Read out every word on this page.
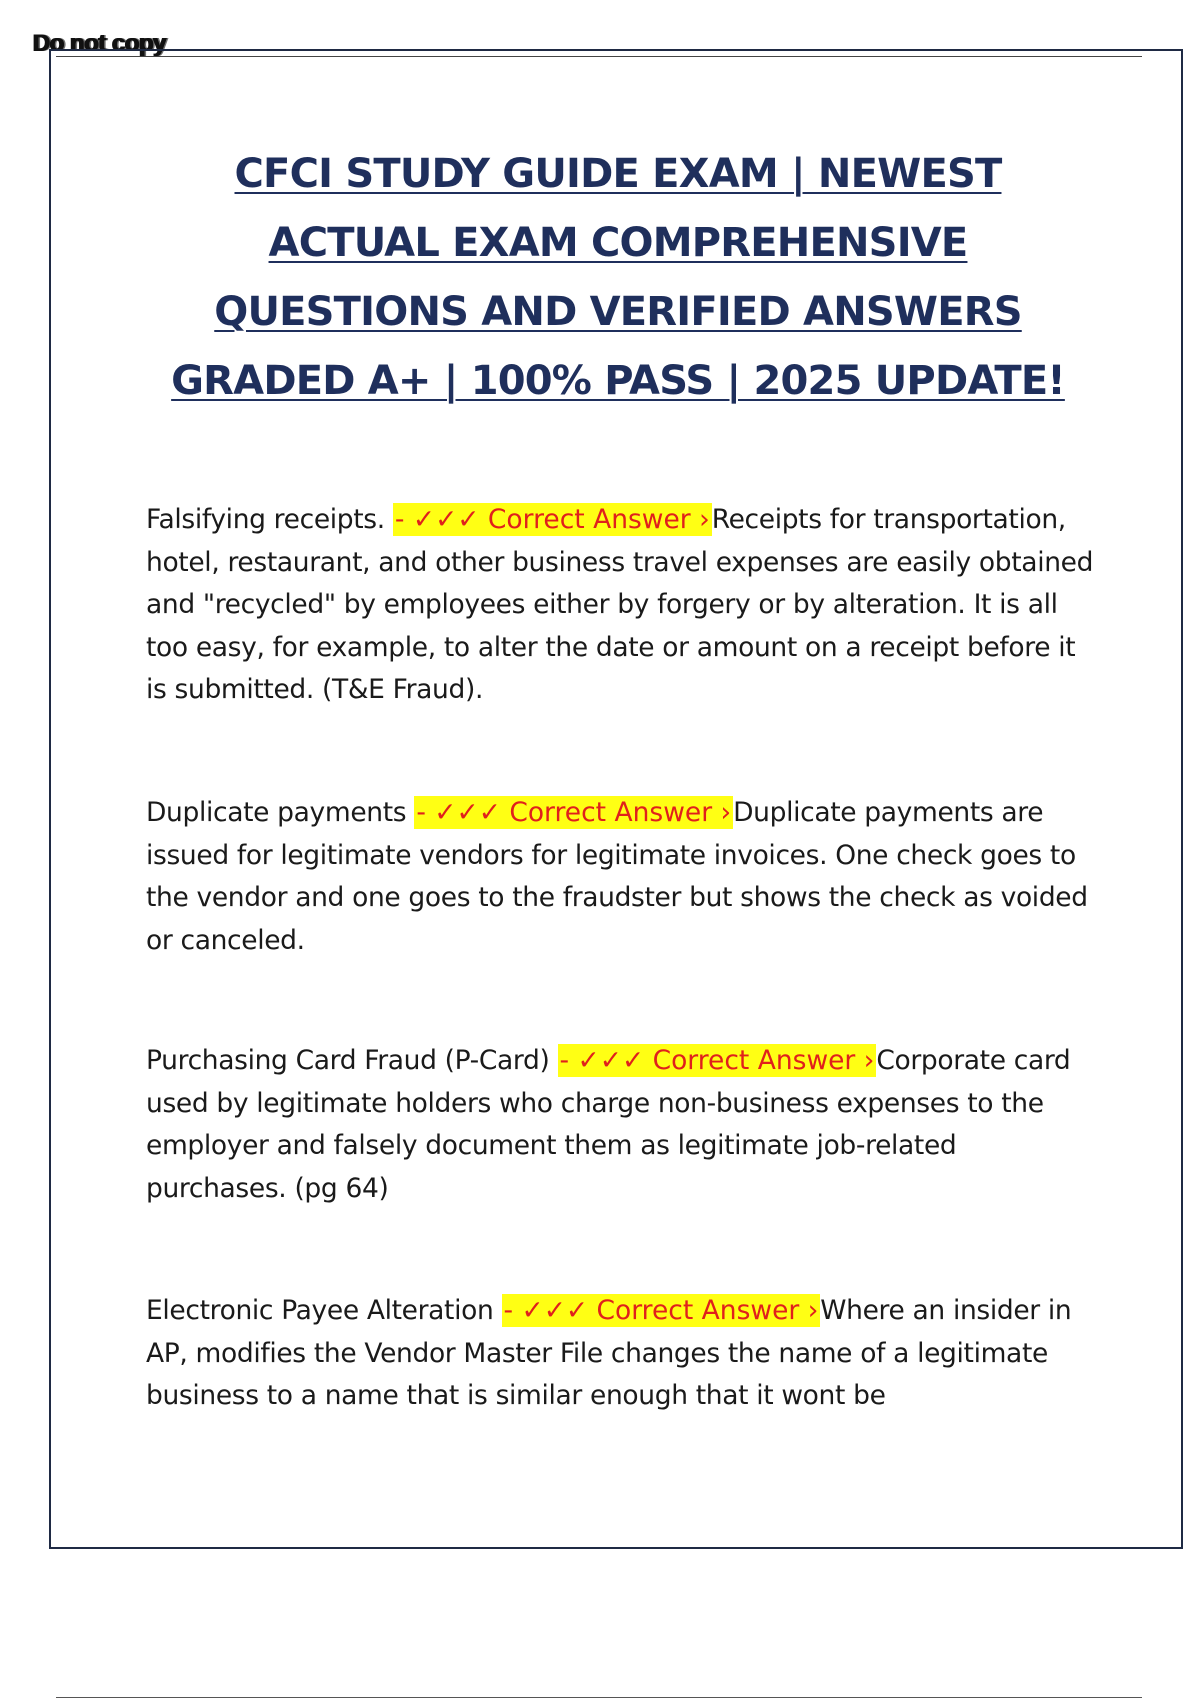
Do not copy
CFCI STUDY GUIDE EXAM | NEWEST
ACTUAL EXAM COMPREHENSIVE
QUESTIONS AND VERIFIED ANSWERS
GRADED A+ | 100% PASS | 2025 UPDATE!
Falsifying receipts. - ✓✓✓ Correct Answer ›Receipts for transportation, hotel, restaurant, and other business travel expenses are easily obtained and "recycled" by employees either by forgery or by alteration. It is all too easy, for example, to alter the date or amount on a receipt before it is submitted. (T&E Fraud).
Duplicate payments - ✓✓✓ Correct Answer ›Duplicate payments are issued for legitimate vendors for legitimate invoices. One check goes to the vendor and one goes to the fraudster but shows the check as voided or canceled.
Purchasing Card Fraud (P-Card) - ✓✓✓ Correct Answer ›Corporate card used by legitimate holders who charge non-business expenses to the employer and falsely document them as legitimate job-related purchases. (pg 64)
Electronic Payee Alteration - ✓✓✓ Correct Answer ›Where an insider in AP, modifies the Vendor Master File changes the name of a legitimate business to a name that is similar enough that it wont be
